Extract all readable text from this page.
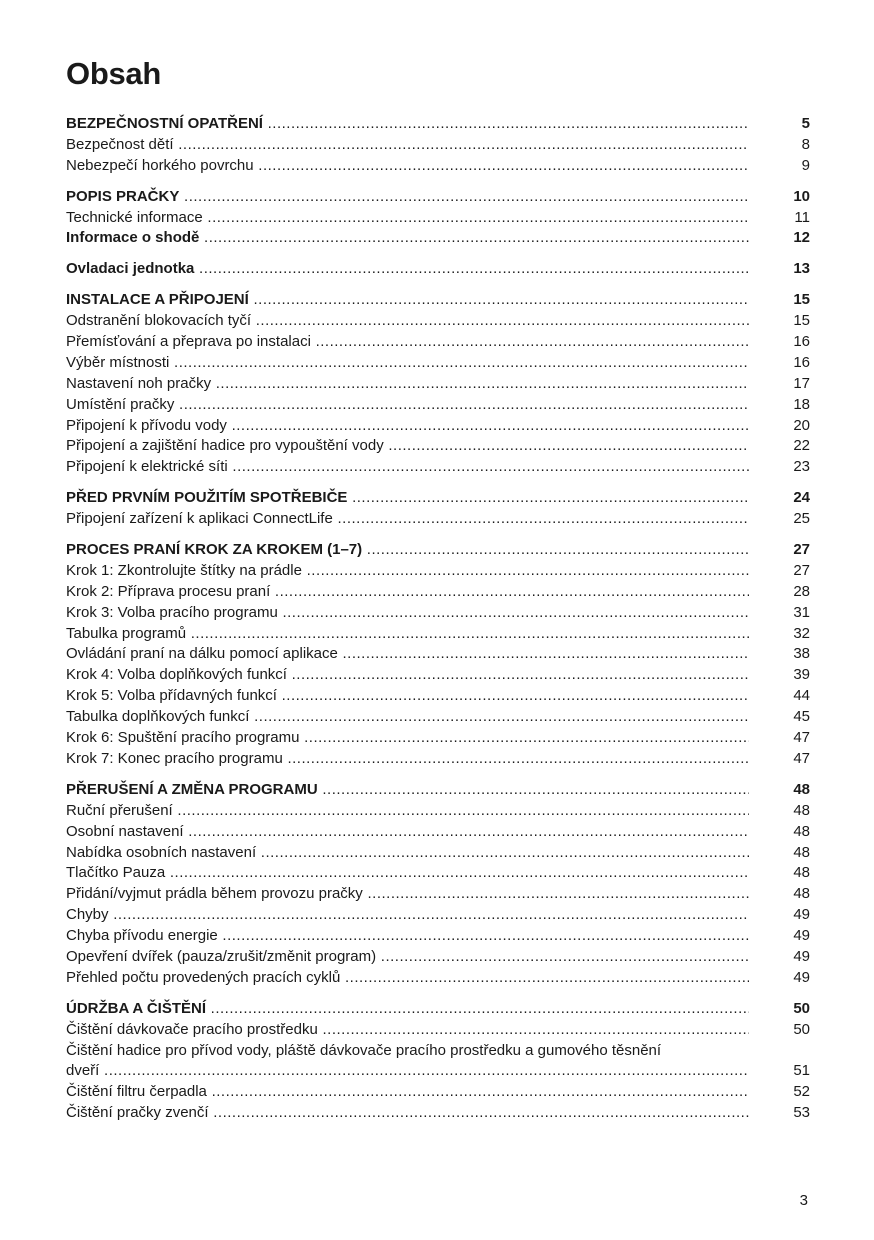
Obsah
BEZPEČNOSTNÍ OPATŘENÍ .....	5
Bezpečnost dětí .....	8
Nebezpečí horkého povrchu .....	9
POPIS PRAČKY .....	10
Technické informace .....	11
Informace o shodě .....	12
Ovladaci jednotka .....	13
INSTALACE A PŘIPOJENÍ .....	15
Odstranění blokovacích tyčí .....	15
Přemísťování a přeprava po instalaci .....	16
Výběr místnosti .....	16
Nastavení noh pračky .....	17
Umístění pračky .....	18
Připojení k přívodu vody .....	20
Připojení a zajištění hadice pro vypouštění vody .....	22
Připojení k elektrické síti .....	23
PŘED PRVNÍM POUŽITÍM SPOTŘEBIČE .....	24
Připojení zařízení k aplikaci ConnectLife .....	25
PROCES PRANÍ KROK ZA KROKEM (1–7) .....	27
Krok 1: Zkontrolujte štítky na prádle .....	27
Krok 2: Příprava procesu praní .....	28
Krok 3: Volba pracího programu .....	31
Tabulka programů .....	32
Ovládání praní na dálku pomocí aplikace .....	38
Krok 4: Volba doplňkových funkcí .....	39
Krok 5: Volba přídavných funkcí .....	44
Tabulka doplňkových funkcí .....	45
Krok 6: Spuštění pracího programu .....	47
Krok 7: Konec pracího programu .....	47
PŘERUŠENÍ A ZMĚNA PROGRAMU .....	48
Ruční přerušení .....	48
Osobní nastavení .....	48
Nabídka osobních nastavení .....	48
Tlačítko Pauza .....	48
Přidání/vyjmut prádla během provozu pračky .....	48
Chyby .....	49
Chyba přívodu energie .....	49
Opevření dvířek (pauza/zrušit/změnit program) .....	49
Přehled počtu provedených pracích cyklů .....	49
ÚDRŽBA A ČIŠTĚNÍ .....	50
Čištění dávkovače pracího prostředku .....	50
Čištění hadice pro přívod vody, pláště dávkovače pracího prostředku a gumového těsnění
dveří .....	51
Čištění filtru čerpadla .....	52
Čištění pračky zvenčí .....	53
3
